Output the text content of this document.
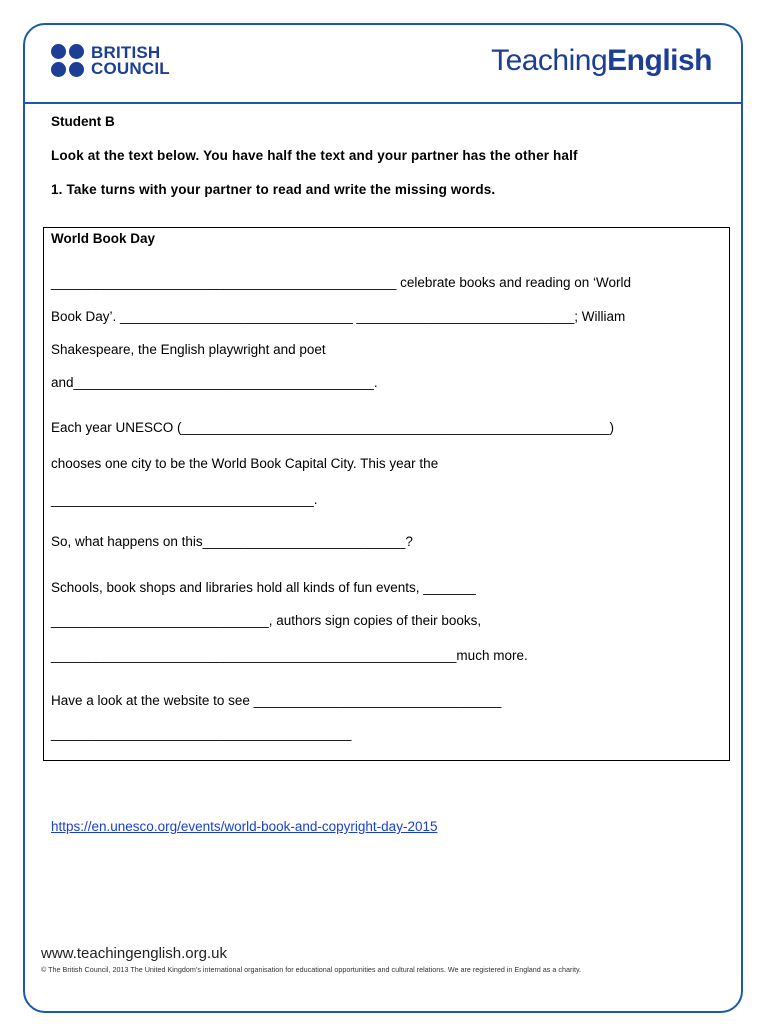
BRITISH
COUNCIL	TeachingEnglish
Student B
Look at the text below. You have half the text and your partner has the other half
1. Take turns with your partner to read and write the missing words.
World Book Day
______________________________________________ celebrate books and reading on ‘World
Book Day’. _______________________________ _____________________________; William
Shakespeare, the English playwright and poet
and________________________________________.
Each year UNESCO (_________________________________________________________)
chooses one city to be the World Book Capital City. This year the
___________________________________.
So, what happens on this___________________________?
Schools, book shops and libraries hold all kinds of fun events, _______
_____________________________, authors sign copies of their books,
______________________________________________________much more.
Have a look at the website to see _________________________________
________________________________________
https://en.unesco.org/events/world-book-and-copyright-day-2015
www.teachingenglish.org.uk
© The British Council, 2013 The United Kingdom’s international organisation for educational opportunities and cultural relations. We are registered in England as a charity.
